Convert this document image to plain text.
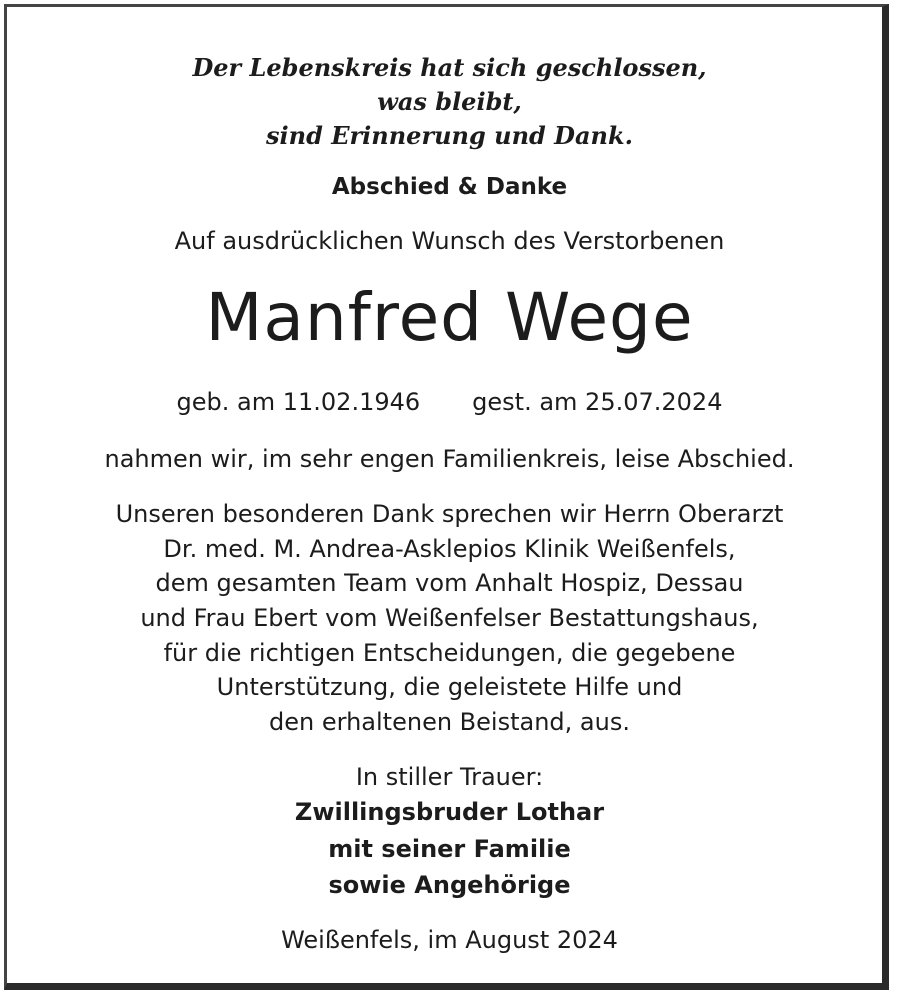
Der Lebenskreis hat sich geschlossen,
was bleibt,
sind Erinnerung und Dank.
Abschied & Danke
Auf ausdrücklichen Wunsch des Verstorbenen
Manfred Wege
geb. am 11.02.1946 gest. am 25.07.2024
nahmen wir, im sehr engen Familienkreis, leise Abschied.
Unseren besonderen Dank sprechen wir Herrn Oberarzt
Dr. med. M. Andrea-Asklepios Klinik Weißenfels,
dem gesamten Team vom Anhalt Hospiz, Dessau
und Frau Ebert vom Weißenfelser Bestattungshaus,
für die richtigen Entscheidungen, die gegebene
Unterstützung, die geleistete Hilfe und
den erhaltenen Beistand, aus.
In stiller Trauer:
Zwillingsbruder Lothar
mit seiner Familie
sowie Angehörige
Weißenfels, im August 2024
